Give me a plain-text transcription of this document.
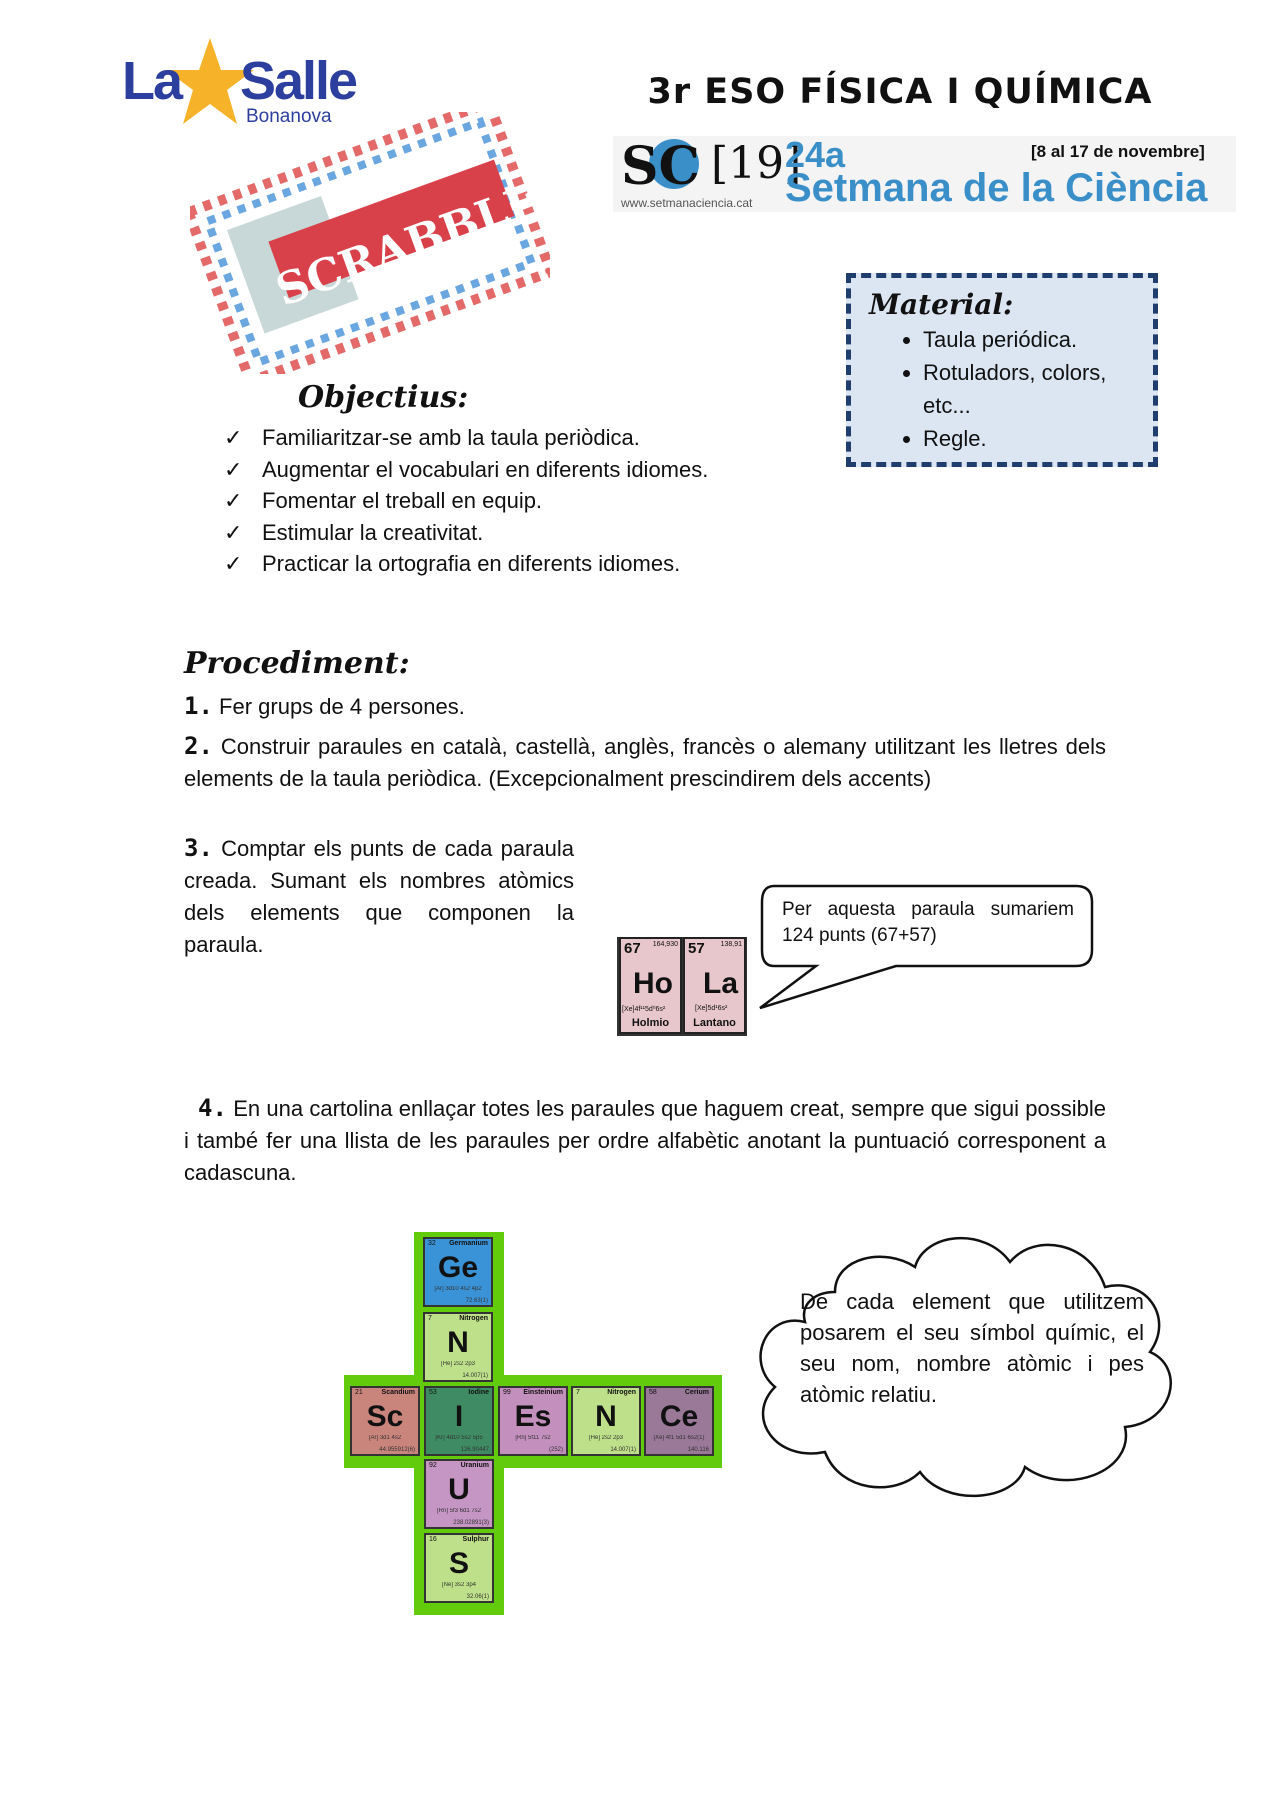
La Salle
Bonanova
3r ESO FÍSICA I QUÍMICA
SC [19]
www.setmanaciencia.cat
24a
Setmana de la Ciència
[8 al 17 de novembre]
SCRABBLE	Material:
• Taula periódica.
• Rotuladors, colors, etc...
• Regle.
Objectius:
✓ Familiaritzar-se amb la taula periòdica.
✓ Augmentar el vocabulari en diferents idiomes.
✓ Fomentar el treball en equip.
✓ Estimular la creativitat.
✓ Practicar la ortografia en diferents idiomes.
Procediment:
1. Fer grups de 4 persones.
2. Construir paraules en català, castellà, anglès, francès o alemany utilitzant les lletres dels elements de la taula periòdica. (Excepcionalment prescindirem dels accents)
3. Comptar els punts de cada paraula creada. Sumant els nombres atòmics dels elements que componen la paraula.	67 164,930
Ho
[Xe]4f¹¹5d⁰6s²
Holmio
57 138,91
La
[Xe]5d¹6s²
Lantano
Per aquesta paraula sumariem 124 punts (67+57)
4. En una cartolina enllaçar totes les paraules que haguem creat, sempre que sigui possible i també fer una llista de les paraules per ordre alfabètic anotant la puntuació corresponent a cadascuna.
32 Germanium
Ge
[Ar] 3d10 4s2 4p2
72.63(1)
7	Nitrogen
N
[He] 2s2 2p3
14.007(1)
21	Scandium
Sc
[Ar] 3d1 4s2
44.955912(6)
53	Iodine
I
[Kr] 4d10 5s2 5p5
126.90447
99 Einsteinium
Es
[Rn] 5f11 7s2
(252)
7	Nitrogen
N
[He] 2s2 2p3
14.007(1)
58	Cerium
Ce
[Xe] 4f1 5d1 6s2(1)
140.116
92	Uranium
U
[Rn] 5f3 6d1 7s2
238.02891(3)
16	Sulphur
S
[Ne] 3s2 3p4
32.06(1)
De cada element que utilitzem posarem el seu símbol químic, el seu nom, nombre atòmic i pes atòmic relatiu.
